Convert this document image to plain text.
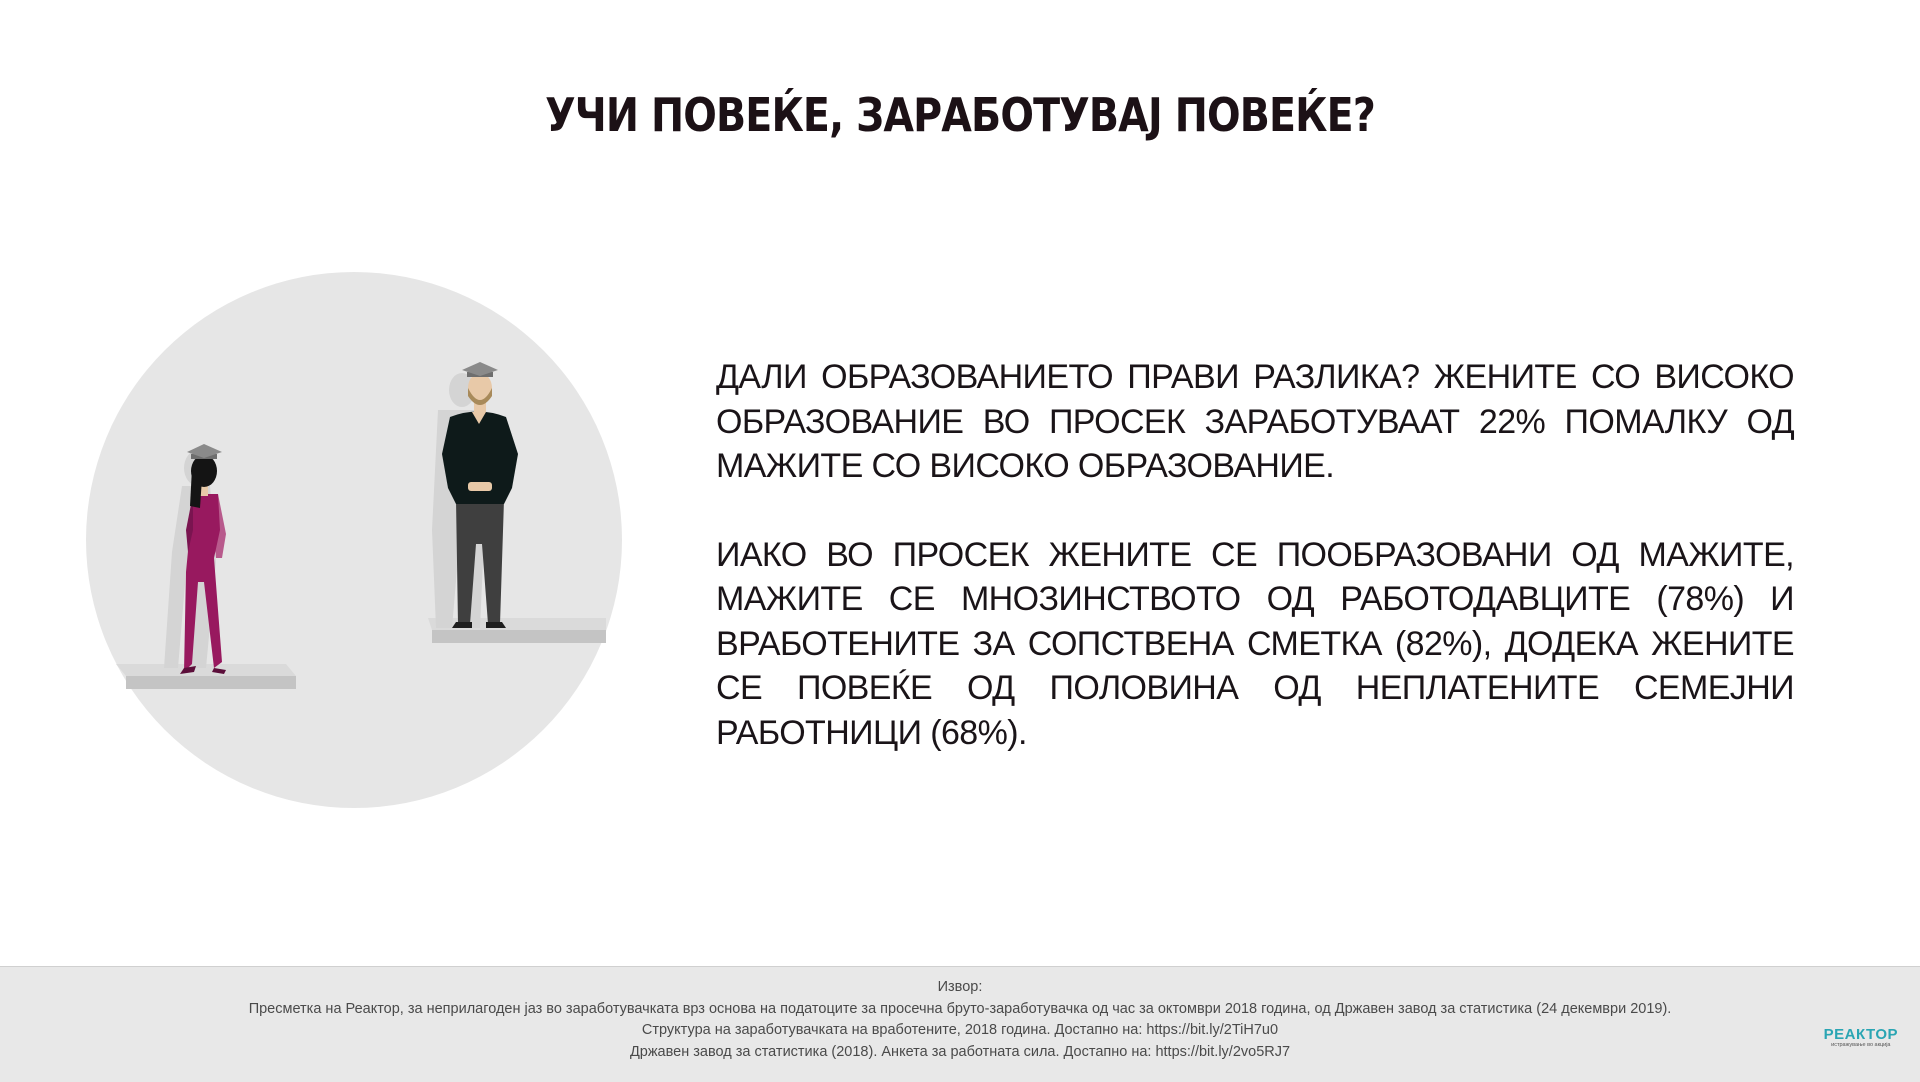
УЧИ ПОВЕЌЕ, ЗАРАБОТУВАЈ ПОВЕЌЕ?

ДАЛИ ОБРАЗОВАНИЕТО ПРАВИ РАЗЛИКА? ЖЕНИТЕ СО ВИСОКО ОБРАЗОВАНИЕ ВО ПРОСЕК ЗАРАБОТУВААТ 22% ПОМАЛКУ ОД МАЖИТЕ СО ВИСОКО ОБРАЗОВАНИЕ.

ИАКО ВО ПРОСЕК ЖЕНИТЕ СЕ ПООБРАЗОВАНИ ОД МАЖИТЕ, МАЖИТЕ СЕ МНОЗИНСТВОТО ОД РАБОТОДАВЦИТЕ (78%) И ВРАБОТЕНИТЕ ЗА СОПСТВЕНА СМЕТКА (82%), ДОДЕКА ЖЕНИТЕ СЕ ПОВЕЌЕ ОД ПОЛОВИНА ОД НЕПЛАТЕНИТЕ СЕМЕЈНИ РАБОТНИЦИ (68%).

Извор:
Пресметка на Реактор, за неприлагоден јаз во заработувачката врз основа на податоците за просечна бруто-заработувачка од час за октомври 2018 година, од Државен завод за статистика (24 декември 2019).
Структура на заработувачката на вработените, 2018 година. Достапно на: https://bit.ly/2TiH7u0
Државен завод за статистика (2018). Анкета за работната сила. Достапно на: https://bit.ly/2vo5RJ7
РЕАКТОР
истражување во акција
